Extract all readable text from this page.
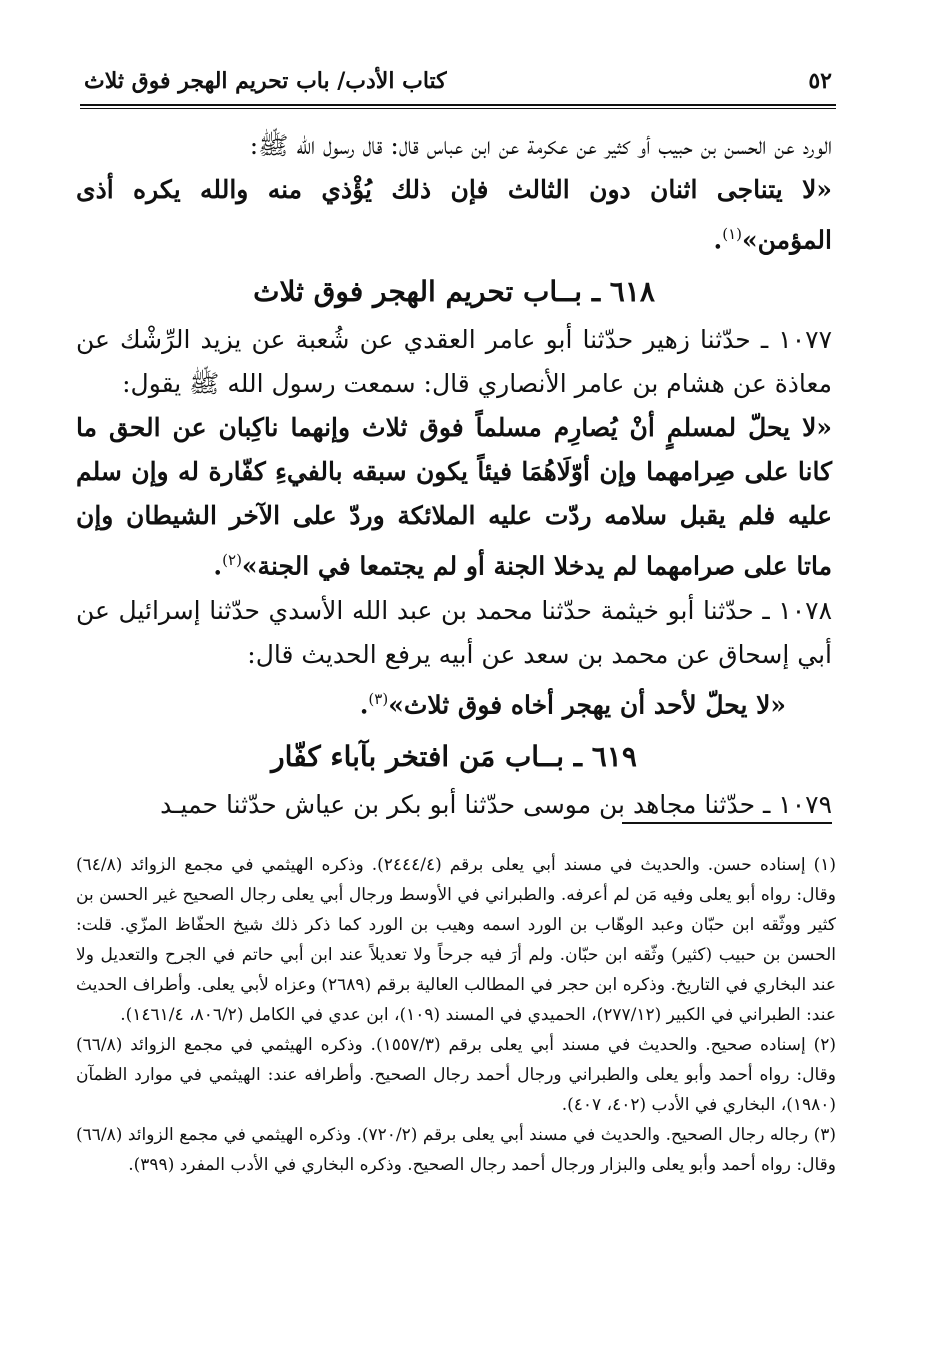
٥٢
كتاب الأدب/ باب تحريم الهجر فوق ثلاث

الورد عن الحسن بن حبيب أو كثير عن عكرمة عن ابن عباس قال: قال رسول الله ﷺ:

«لا يتناجى اثنان دون الثالث فإن ذلك يُؤْذي منه والله يكره أذى المؤمن»$^{(١)}$.

٦١٨ ـ بــاب تحريم الهجر فوق ثلاث

١٠٧٧ ـ حدّثنا زهير حدّثنا أبو عامر العقدي عن شُعبة عن يزيد الرِّشْك عن معاذة عن هشام بن عامر الأنصاري قال: سمعت رسول الله ﷺ يقول:

«لا يحلّ لمسلمٍ أنْ يُصارِم مسلماً فوق ثلاث وإنهما ناكِبان عن الحق ما كانا على صِرامهما وإن أوّلَاهُمَا فيئاً يكون سبقه بالفيءِ كفّارة له وإن سلم عليه فلم يقبل سلامه ردّت عليه الملائكة وردّ على الآخر الشيطان وإن ماتا على صرامهما لم يدخلا الجنة أو لم يجتمعا في الجنة»$^{(٢)}$.

١٠٧٨ ـ حدّثنا أبو خيثمة حدّثنا محمد بن عبد الله الأسدي حدّثنا إسرائيل عن أبي إسحاق عن محمد بن سعد عن أبيه يرفع الحديث قال:

«لا يحلّ لأحد أن يهجر أخاه فوق ثلاث»$^{(٣)}$.

٦١٩ ـ بــاب مَن افتخر بآباء كفّار

١٠٧٩ ـ حدّثنا مجاهد بن موسى حدّثنا أبو بكر بن عياش حدّثنا حميـد

(١) إسناده حسن. والحديث في مسند أبي يعلى برقم (٢٤٤٤/٤). وذكره الهيثمي في مجمع الزوائد (٦٤/٨) وقال: رواه أبو يعلى وفيه مَن لم أعرفه. والطبراني في الأوسط ورجال أبي يعلى رجال الصحيح غير الحسن بن كثير ووثّقه ابن حبّان وعبد الوهّاب بن الورد اسمه وهيب بن الورد كما ذكر ذلك شيخ الحفّاظ المزّي. قلت: الحسن بن حبيب (كثير) وثّقه ابن حبّان. ولم أرَ فيه جرحاً ولا تعديلاً عند ابن أبي حاتم في الجرح والتعديل ولا عند البخاري في التاريخ. وذكره ابن حجر في المطالب العالية برقم (٢٦٨٩) وعزاه لأبي يعلى. وأطراف الحديث عند: الطبراني في الكبير (٢٧٧/١٢)، الحميدي في المسند (١٠٩)، ابن عدي في الكامل (٨٠٦/٢، ١٤٦١/٤).

(٢) إسناده صحيح. والحديث في مسند أبي يعلى برقم (١٥٥٧/٣). وذكره الهيثمي في مجمع الزوائد (٦٦/٨) وقال: رواه أحمد وأبو يعلى والطبراني ورجال أحمد رجال الصحيح. وأطرافه عند: الهيثمي في موارد الظمآن (١٩٨٠)، البخاري في الأدب (٤٠٢، ٤٠٧).

(٣) رجاله رجال الصحيح. والحديث في مسند أبي يعلى برقم (٧٢٠/٢). وذكره الهيثمي في مجمع الزوائد (٦٦/٨) وقال: رواه أحمد وأبو يعلى والبزار ورجال أحمد رجال الصحيح. وذكره البخاري في الأدب المفرد (٣٩٩).
